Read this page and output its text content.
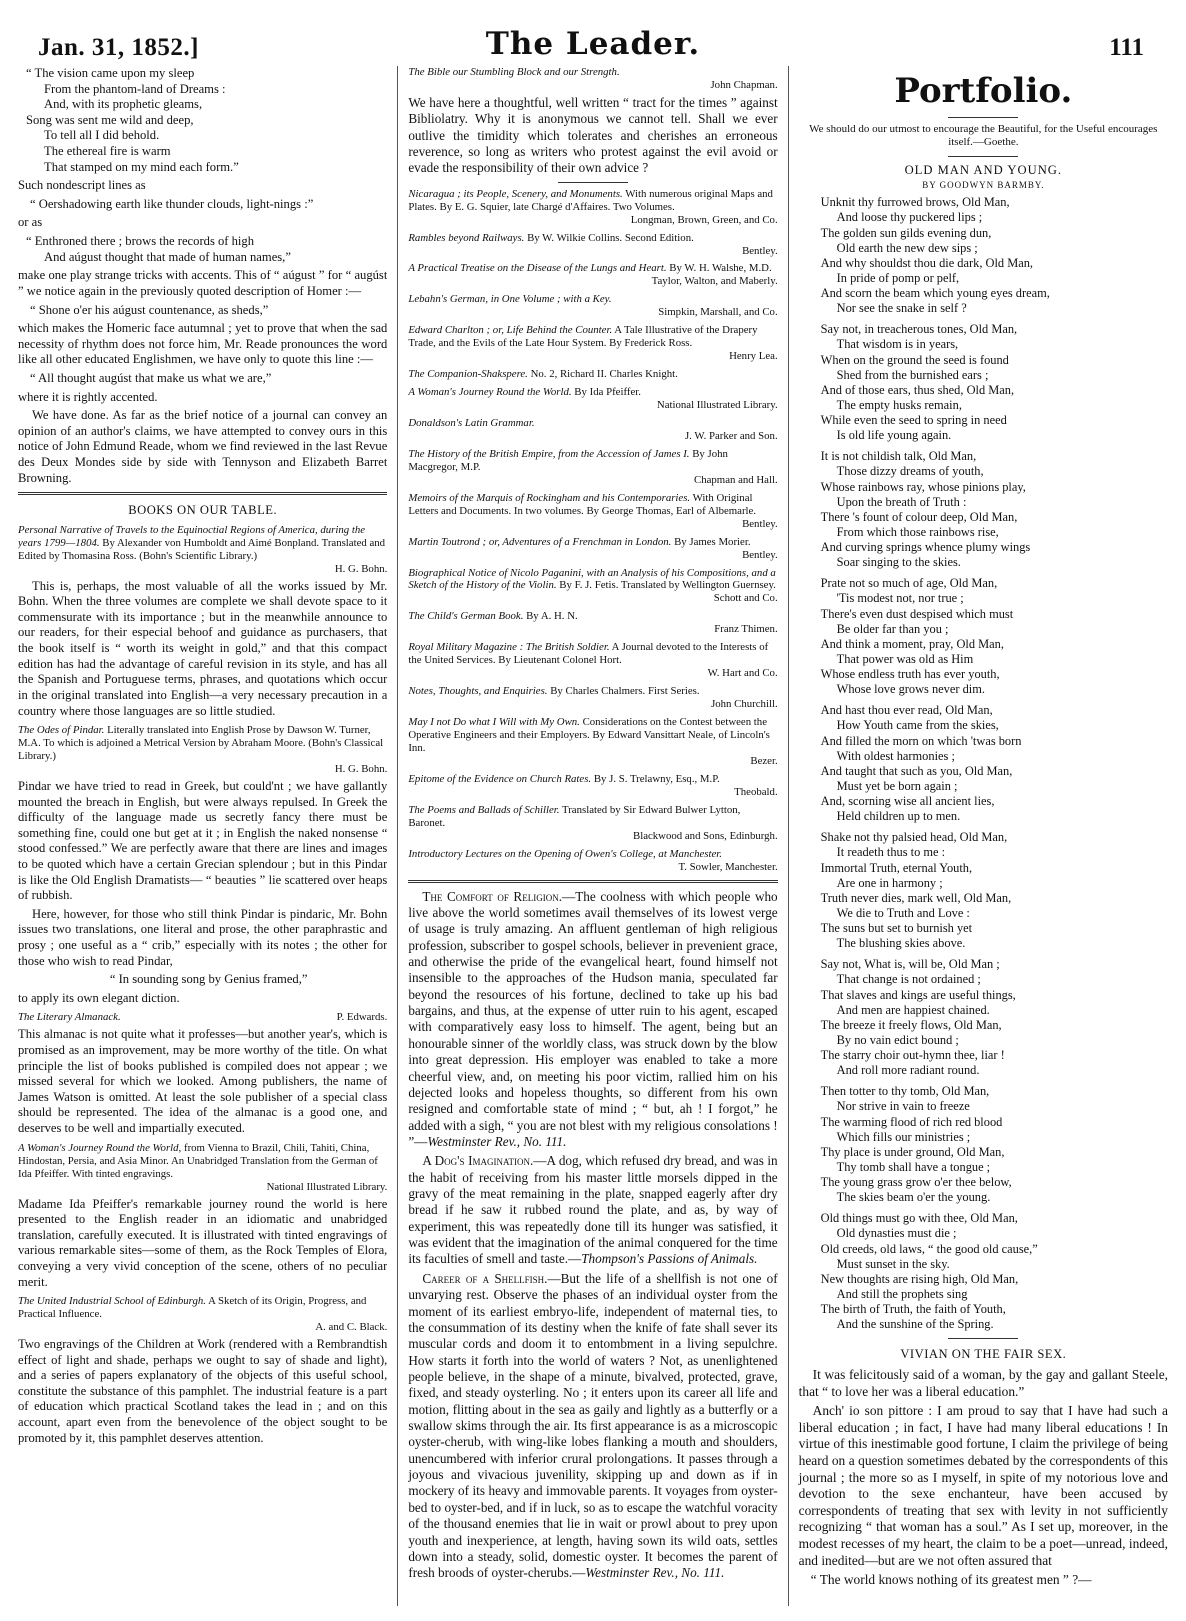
Jan. 31, 1852.]	The Leader.	111
“ The vision came upon my sleep
From the phantom-land of Dreams :
And, with its prophetic gleams,
Song was sent me wild and deep,
To tell all I did behold.
The ethereal fire is warm
That stamped on my mind each form.”

Such nondescript lines as

“ Oershadowing earth like thunder clouds, light-nings :”

or as

“ Enthroned there ; brows the records of high
And aúgust thought that made of human names,”

make one play strange tricks with accents. This of “ aúgust ” for “ augúst ” we notice again in the previously quoted description of Homer :—

“ Shone o'er his aúgust countenance, as sheds,”

which makes the Homeric face autumnal ; yet to prove that when the sad necessity of rhythm does not force him, Mr. Reade pronounces the word like all other educated Englishmen, we have only to quote this line :—

“ All thought augúst that make us what we are,”

where it is rightly accented.

We have done. As far as the brief notice of a journal can convey an opinion of an author's claims, we have attempted to convey ours in this notice of John Edmund Reade, whom we find reviewed in the last Revue des Deux Mondes side by side with Tennyson and Elizabeth Barret Browning.

BOOKS ON OUR TABLE.
Personal Narrative of Travels to the Equinoctial Regions of America, during the years 1799—1804. By Alexander von Humboldt and Aimé Bonpland. Translated and Edited by Thomasina Ross. (Bohn's Scientific Library.)
H. G. Bohn.

This is, perhaps, the most valuable of all the works issued by Mr. Bohn. When the three volumes are complete we shall devote space to it commensurate with its importance ; but in the meanwhile announce to our readers, for their especial behoof and guidance as purchasers, that the book itself is “ worth its weight in gold,” and that this compact edition has had the advantage of careful revision in its style, and has all the Spanish and Portuguese terms, phrases, and quotations which occur in the original translated into English—a very necessary precaution in a country where those languages are so little studied.

The Odes of Pindar. Literally translated into English Prose by Dawson W. Turner, M.A. To which is adjoined a Metrical Version by Abraham Moore. (Bohn's Classical Library.)
H. G. Bohn.

Pindar we have tried to read in Greek, but could'nt ; we have gallantly mounted the breach in English, but were always repulsed. In Greek the difficulty of the language made us secretly fancy there must be something fine, could one but get at it ; in English the naked nonsense “ stood confessed.” We are perfectly aware that there are lines and images to be quoted which have a certain Grecian splendour ; but in this Pindar is like the Old English Dramatists— “ beauties ” lie scattered over heaps of rubbish.

Here, however, for those who still think Pindar is pindaric, Mr. Bohn issues two translations, one literal and prose, the other paraphrastic and prosy ; one useful as a “ crib,” especially with its notes ; the other for those who wish to read Pindar,

“ In sounding song by Genius framed,”

to apply its own elegant diction.

The Literary Almanack.	P. Edwards.

This almanac is not quite what it professes—but another year's, which is promised as an improvement, may be more worthy of the title. On what principle the list of books published is compiled does not appear ; we missed several for which we looked. Among publishers, the name of James Watson is omitted. At least the sole publisher of a special class should be represented. The idea of the almanac is a good one, and deserves to be well and impartially executed.

A Woman's Journey Round the World, from Vienna to Brazil, Chili, Tahiti, China, Hindostan, Persia, and Asia Minor. An Unabridged Translation from the German of Ida Pfeiffer. With tinted engravings.
National Illustrated Library.

Madame Ida Pfeiffer's remarkable journey round the world is here presented to the English reader in an idiomatic and unabridged translation, carefully executed. It is illustrated with tinted engravings of various remarkable sites—some of them, as the Rock Temples of Elora, conveying a very vivid conception of the scene, others of no peculiar merit.

The United Industrial School of Edinburgh. A Sketch of its Origin, Progress, and Practical Influence.
A. and C. Black.

Two engravings of the Children at Work (rendered with a Rembrandtish effect of light and shade, perhaps we ought to say of shade and light), and a series of papers explanatory of the objects of this useful school, constitute the substance of this pamphlet. The industrial feature is a part of education which practical Scotland takes the lead in ; and on this account, apart even from the benevolence of the object sought to be promoted by it, this pamphlet deserves attention.

The Bible our Stumbling Block and our Strength.
John Chapman.

We have here a thoughtful, well written “ tract for the times ” against Bibliolatry. Why it is anonymous we cannot tell. Shall we ever outlive the timidity which tolerates and cherishes an erroneous reverence, so long as writers who protest against the evil avoid or evade the responsibility of their own advice ?

Nicaragua ; its People, Scenery, and Monuments. With numerous original Maps and Plates. By E. G. Squier, late Chargé d'Affaires. Two Volumes.
Longman, Brown, Green, and Co.
Rambles beyond Railways. By W. Wilkie Collins. Second Edition.
Bentley.
A Practical Treatise on the Disease of the Lungs and Heart. By W. H. Walshe, M.D.
Taylor, Walton, and Maberly.
Lebahn's German, in One Volume ; with a Key.
Simpkin, Marshall, and Co.
Edward Charlton ; or, Life Behind the Counter. A Tale Illustrative of the Drapery Trade, and the Evils of the Late Hour System. By Frederick Ross.
Henry Lea.
The Companion-Shakspere. No. 2, Richard II. Charles Knight.
A Woman's Journey Round the World. By Ida Pfeiffer.
National Illustrated Library.
Donaldson's Latin Grammar.
J. W. Parker and Son.
The History of the British Empire, from the Accession of James I. By John Macgregor, M.P.
Chapman and Hall.
Memoirs of the Marquis of Rockingham and his Contemporaries. With Original Letters and Documents. In two volumes. By George Thomas, Earl of Albemarle.
Bentley.
Martin Toutrond ; or, Adventures of a Frenchman in London. By James Morier.
Bentley.
Biographical Notice of Nicolo Paganini, with an Analysis of his Compositions, and a Sketch of the History of the Violin. By F. J. Fetis. Translated by Wellington Guernsey.
Schott and Co.
The Child's German Book. By A. H. N.
Franz Thimen.
Royal Military Magazine : The British Soldier. A Journal devoted to the Interests of the United Services. By Lieutenant Colonel Hort.
W. Hart and Co.
Notes, Thoughts, and Enquiries. By Charles Chalmers. First Series.
John Churchill.
May I not Do what I Will with My Own. Considerations on the Contest between the Operative Engineers and their Employers. By Edward Vansittart Neale, of Lincoln's Inn.
Bezer.
Epitome of the Evidence on Church Rates. By J. S. Trelawny, Esq., M.P.
Theobald.
The Poems and Ballads of Schiller. Translated by Sir Edward Bulwer Lytton, Baronet.
Blackwood and Sons, Edinburgh.
Introductory Lectures on the Opening of Owen's College, at Manchester.
T. Sowler, Manchester.

The Comfort of Religion.—The coolness with which people who live above the world sometimes avail themselves of its lowest verge of usage is truly amazing. An affluent gentleman of high religious profession, subscriber to gospel schools, believer in prevenient grace, and otherwise the pride of the evangelical heart, found himself not insensible to the approaches of the Hudson mania, speculated far beyond the resources of his fortune, declined to take up his bad bargains, and thus, at the expense of utter ruin to his agent, escaped with comparatively easy loss to himself. The agent, being but an honourable sinner of the worldly class, was struck down by the blow into great depression. His employer was enabled to take a more cheerful view, and, on meeting his poor victim, rallied him on his dejected looks and hopeless thoughts, so different from his own resigned and comfortable state of mind ; “ but, ah ! I forgot,” he added with a sigh, “ you are not blest with my religious consolations ! ”—Westminster Rev., No. 111.

A Dog's Imagination.—A dog, which refused dry bread, and was in the habit of receiving from his master little morsels dipped in the gravy of the meat remaining in the plate, snapped eagerly after dry bread if he saw it rubbed round the plate, and as, by way of experiment, this was repeatedly done till its hunger was satisfied, it was evident that the imagination of the animal conquered for the time its faculties of smell and taste.—Thompson's Passions of Animals.

Career of a Shellfish.—But the life of a shellfish is not one of unvarying rest. Observe the phases of an individual oyster from the moment of its earliest embryo-life, independent of maternal ties, to the consummation of its destiny when the knife of fate shall sever its muscular cords and doom it to entombment in a living sepulchre. How starts it forth into the world of waters ? Not, as unenlightened people believe, in the shape of a minute, bivalved, protected, grave, fixed, and steady oysterling. No ; it enters upon its career all life and motion, flitting about in the sea as gaily and lightly as a butterfly or a swallow skims through the air. Its first appearance is as a microscopic oyster-cherub, with wing-like lobes flanking a mouth and shoulders, unencumbered with inferior crural prolongations. It passes through a joyous and vivacious juvenility, skipping up and down as if in mockery of its heavy and immovable parents. It voyages from oyster-bed to oyster-bed, and if in luck, so as to escape the watchful voracity of the thousand enemies that lie in wait or prowl about to prey upon youth and inexperience, at length, having sown its wild oats, settles down into a steady, solid, domestic oyster. It becomes the parent of fresh broods of oyster-cherubs.—Westminster Rev., No. 111.

Portfolio.
We should do our utmost to encourage the Beautiful, for the Useful encourages itself.—Goethe.
OLD MAN AND YOUNG.
BY GOODWYN BARMBY.
Unknit thy furrowed brows, Old Man,
And loose thy puckered lips ;
The golden sun gilds evening dun,
Old earth the new dew sips ;
And why shouldst thou die dark, Old Man,
In pride of pomp or pelf,
And scorn the beam which young eyes dream,
Nor see the snake in self ?
Say not, in treacherous tones, Old Man,
That wisdom is in years,
When on the ground the seed is found
Shed from the burnished ears ;
And of those ears, thus shed, Old Man,
The empty husks remain,
While even the seed to spring in need
Is old life young again.
It is not childish talk, Old Man,
Those dizzy dreams of youth,
Whose rainbows ray, whose pinions play,
Upon the breath of Truth :
There 's fount of colour deep, Old Man,
From which those rainbows rise,
And curving springs whence plumy wings
Soar singing to the skies.
Prate not so much of age, Old Man,
'Tis modest not, nor true ;
There's even dust despised which must
Be older far than you ;
And think a moment, pray, Old Man,
That power was old as Him
Whose endless truth has ever youth,
Whose love grows never dim.
And hast thou ever read, Old Man,
How Youth came from the skies,
And filled the morn on which 'twas born
With oldest harmonies ;
And taught that such as you, Old Man,
Must yet be born again ;
And, scorning wise all ancient lies,
Held children up to men.
Shake not thy palsied head, Old Man,
It readeth thus to me :
Immortal Truth, eternal Youth,
Are one in harmony ;
Truth never dies, mark well, Old Man,
We die to Truth and Love :
The suns but set to burnish yet
The blushing skies above.
Say not, What is, will be, Old Man ;
That change is not ordained ;
That slaves and kings are useful things,
And men are happiest chained.
The breeze it freely flows, Old Man,
By no vain edict bound ;
The starry choir out-hymn thee, liar !
And roll more radiant round.
Then totter to thy tomb, Old Man,
Nor strive in vain to freeze
The warming flood of rich red blood
Which fills our ministries ;
Thy place is under ground, Old Man,
Thy tomb shall have a tongue ;
The young grass grow o'er thee below,
The skies beam o'er the young.
Old things must go with thee, Old Man,
Old dynasties must die ;
Old creeds, old laws, “ the good old cause,”
Must sunset in the sky.
New thoughts are rising high, Old Man,
And still the prophets sing
The birth of Truth, the faith of Youth,
And the sunshine of the Spring.
VIVIAN ON THE FAIR SEX.

It was felicitously said of a woman, by the gay and gallant Steele, that “ to love her was a liberal education.”

Anch' io son pittore : I am proud to say that I have had such a liberal education ; in fact, I have had many liberal educations ! In virtue of this inestimable good fortune, I claim the privilege of being heard on a question sometimes debated by the correspondents of this journal ; the more so as I myself, in spite of my notorious love and devotion to the sexe enchanteur, have been accused by correspondents of treating that sex with levity in not sufficiently recognizing “ that woman has a soul.” As I set up, moreover, in the modest recesses of my heart, the claim to be a poet—unread, indeed, and inedited—but are we not often assured that

“ The world knows nothing of its greatest men ” ?—
